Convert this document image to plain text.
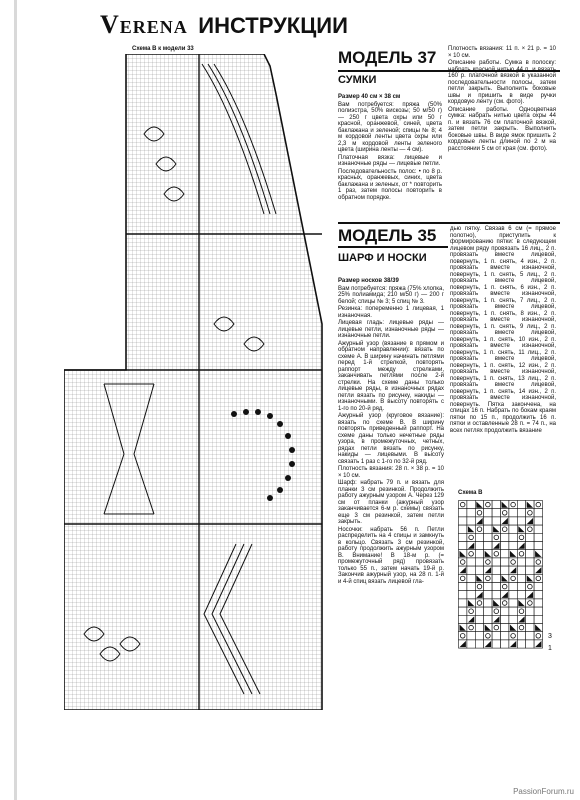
VERENA ИНСТРУКЦИИ
Схема В к модели 33	МОДЕЛЬ 37
СУМКИ

Размер 40 см × 38 см

Вам потребуется: пряжа (50% полиэстра, 50% вискозы; 50 м/50 г) — 250 г цвета охры или 50 г красной, оранжевой, синей, цвета баклажана и зеленой; спицы № 8; 4 м кордовой ленты цвета охры или 2,3 м кордовой ленты зеленого цвета (ширина ленты — 4 см).

Платочная вязка: лицевые и изнаночные ряды — лицевые петли.

Последовательность полос: • по 8 р. красных, оранжевых, синих, цвета баклажана и зеленых, от * повторить 1 раз, затем полосы повторить в обратном порядке.

Плотность вязания: 11 п. × 21 р. = 10 × 10 см.

Описание работы. Сумка в полоску: набрать красной нитью 44 п. и вязать 160 р. платочной вязкой в указанной последовательности полосы, затем петли закрыть. Выполнить боковые швы и пришить в виде ручки кордовую ленту (см. фото).

Описание работы. Одноцветная сумка: набрать нитью цвета охры 44 п. и вязать 76 см платочной вязкой, затем петли закрыть. Выполнить боковые швы. В виде ямок пришить 2 кордовые ленты длиной по 2 м на расстоянии 5 см от края (см. фото).

МОДЕЛЬ 35
ШАРФ И НОСКИ

Размер носков 38/39

Вам потребуется: пряжа (75% хлопка, 25% полиамида; 210 м/50 г) — 200 г белой; спицы № 3; 5 спиц № 3.

Резинка: попеременно 1 лицевая, 1 изнаночная.

Лицевая гладь: лицевые ряды — лицевые петли, изнаночные ряды — изнаночные петли.

Ажурный узор (вязание в прямом и обратном направлении): вязать по схеме А. В ширину начинать петлями перед 1-й стрелкой, повторять раппорт между стрелками, заканчивать петлями после 2-й стрелки. На схеме даны только лицевые ряды, в изнаночных рядах петли вязать по рисунку, накиды — изнаночными. В высоту повторять с 1-го по 20-й ряд.

Ажурный узор (круговое вязание): вязать по схеме В. В ширину повторять приведенный раппорт. На схеме даны только нечетные ряды узора, в промежуточных, четных, рядах петли вязать по рисунку, накиды — лицевыми. В высоту связать 1 раз с 1-го по 32-й ряд.

Плотность вязания: 28 п. × 38 р. = 10 × 10 см.

Шарф: набрать 79 п. и вязать для планки 3 см резинкой. Продолжить работу ажурным узором А. Через 129 см от планки (ажурный узор заканчивается 6-м р. схемы) связать еще 3 см резинкой, затем петли закрыть.

Носочки: набрать 56 п. Петли распределить на 4 спицы и замкнуть в кольцо. Связать 3 см резинкой, работу продолжить ажурным узором В. Внимание! В 18-м р. (= промежуточный ряд) провязать только 55 п., затем начать 19-й р. Закончив ажурный узор, на 28 п. 1-й и 4-й спиц вязать лицевой гла-

дью пятку. Связав 6 см (= прямое полотно), приступить к формированию пятки: в следующем лицевом ряду провязать 16 лиц., 2 п. провязать вместе лицевой, повернуть, 1 п. снять, 4 изн., 2 п. провязать вместе изнаночной, повернуть, 1 п. снять, 5 лиц., 2 п. провязать вместе лицевой, повернуть, 1 п. снять, 6 изн., 2 п. провязать вместе изнаночной, повернуть, 1 п. снять, 7 лиц., 2 п. провязать вместе лицевой, повернуть, 1 п. снять, 8 изн., 2 п. провязать вместе изнаночной, повернуть, 1 п. снять, 9 лиц., 2 п. провязать вместе лицевой, повернуть, 1 п. снять, 10 изн., 2 п. провязать вместе изнаночной, повернуть, 1 п. снять, 11 лиц., 2 п. провязать вместе лицевой, повернуть, 1 п. снять, 12 изн., 2 п. провязать вместе изнаночной, повернуть, 1 п. снять, 13 лиц., 2 п. провязать вместе лицевой, повернуть, 1 п. снять, 14 изн., 2 п. провязать вместе изнаночной, повернуть. Пятка закончена, на спицах 16 п. Набрать по бокам краям пятки по 15 п., продолжить 16 п. пятки и оставленные 28 п. = 74 п., на всех петлях продолжить вязание

Схема В
3
1
PassionForum.ru
